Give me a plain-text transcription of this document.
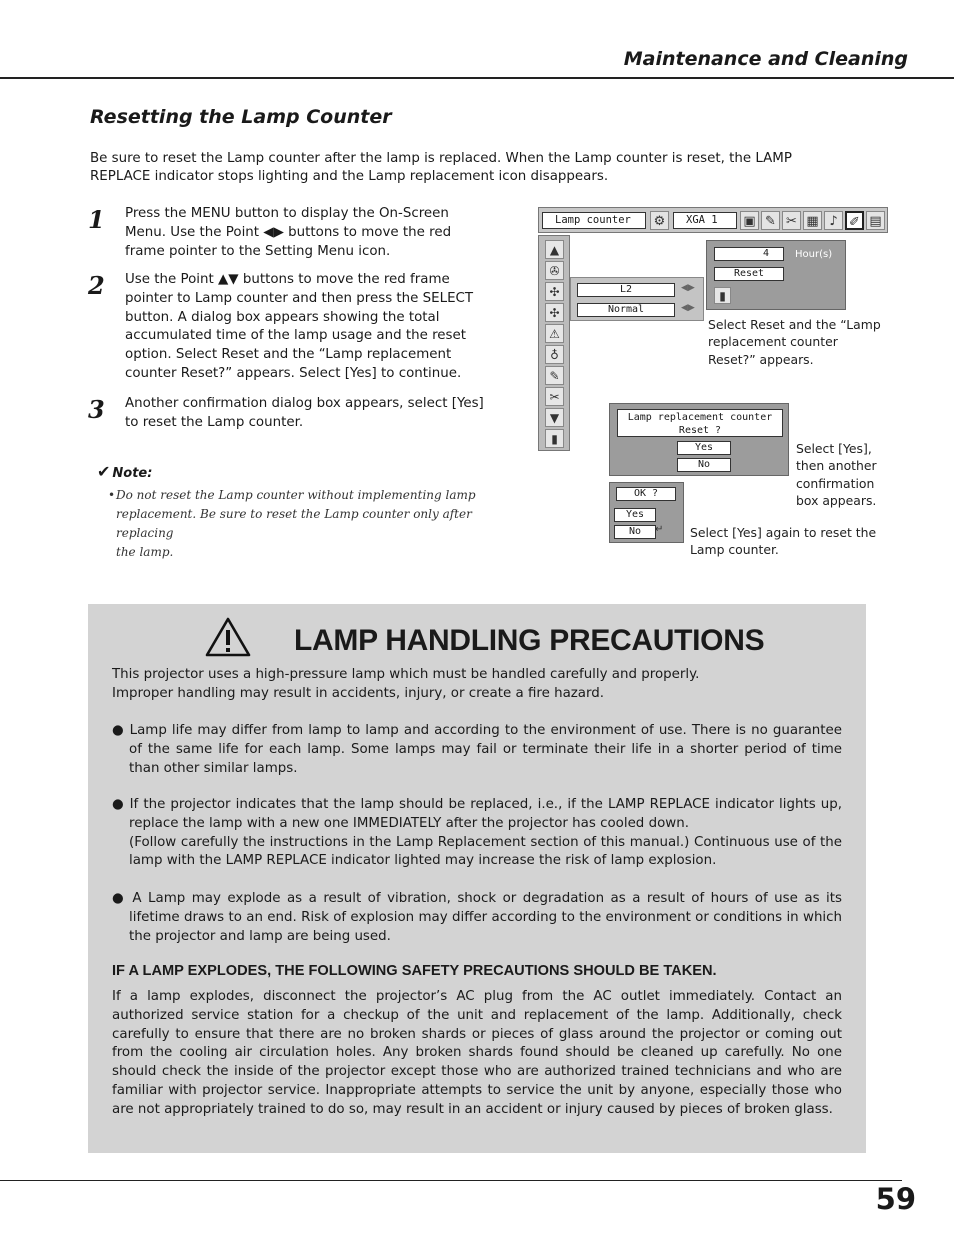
Maintenance and Cleaning
Resetting the Lamp Counter
Be sure to reset the Lamp counter after the lamp is replaced. When the Lamp counter is reset, the LAMP REPLACE indicator stops lighting and the Lamp replacement icon disappears.
1 Press the MENU button to display the On-Screen
Menu. Use the Point ◀▶ buttons to move the red
frame pointer to the Setting Menu icon.
2 Use the Point ▲▼ buttons to move the red frame
pointer to Lamp counter and then press the SELECT
button. A dialog box appears showing the total
accumulated time of the lamp usage and the reset
option. Select Reset and the “Lamp replacement
counter Reset?” appears. Select [Yes] to continue.
3 Another confirmation dialog box appears, select [Yes]
to reset the Lamp counter.
✔ Note:
• Do not reset the Lamp counter without implementing lamp
replacement. Be sure to reset the Lamp counter only after replacing
the lamp.
Lamp counter	⚙	XGA 1	▣ ✎ ✂ ▦ ♪ ✐ ▤
▲
✇
✣
✣
⚠
♁
✎
✂
▼
▮
L2	◀▶
Normal	◀▶
4	Hour(s)
Reset
▮
Select Reset and the “Lamp
replacement counter
Reset?” appears.
Lamp replacement counter
Reset ?
Yes
No
Select [Yes],
then another
confirmation
box appears.
OK ?
Yes
No	↵ Select [Yes] again to reset the
Lamp counter.
LAMP HANDLING PRECAUTIONS
This projector uses a high-pressure lamp which must be handled carefully and properly.
Improper handling may result in accidents, injury, or create a fire hazard.
● Lamp life may differ from lamp to lamp and according to the environment of use. There is no guarantee of the same life for each lamp. Some lamps may fail or terminate their life in a shorter period of time than other similar lamps.
● If the projector indicates that the lamp should be replaced, i.e., if the LAMP REPLACE indicator lights up, replace the lamp with a new one IMMEDIATELY after the projector has cooled down.
(Follow carefully the instructions in the Lamp Replacement section of this manual.) Continuous use of the lamp with the LAMP REPLACE indicator lighted may increase the risk of lamp explosion.
● A Lamp may explode as a result of vibration, shock or degradation as a result of hours of use as its lifetime draws to an end. Risk of explosion may differ according to the environment or conditions in which the projector and lamp are being used.
IF A LAMP EXPLODES, THE FOLLOWING SAFETY PRECAUTIONS SHOULD BE TAKEN.
If a lamp explodes, disconnect the projector’s AC plug from the AC outlet immediately. Contact an authorized service station for a checkup of the unit and replacement of the lamp. Additionally, check carefully to ensure that there are no broken shards or pieces of glass around the projector or coming out from the cooling air circulation holes. Any broken shards found should be cleaned up carefully. No one should check the inside of the projector except those who are authorized trained technicians and who are familiar with projector service. Inappropriate attempts to service the unit by anyone, especially those who are not appropriately trained to do so, may result in an accident or injury caused by pieces of broken glass.
59
